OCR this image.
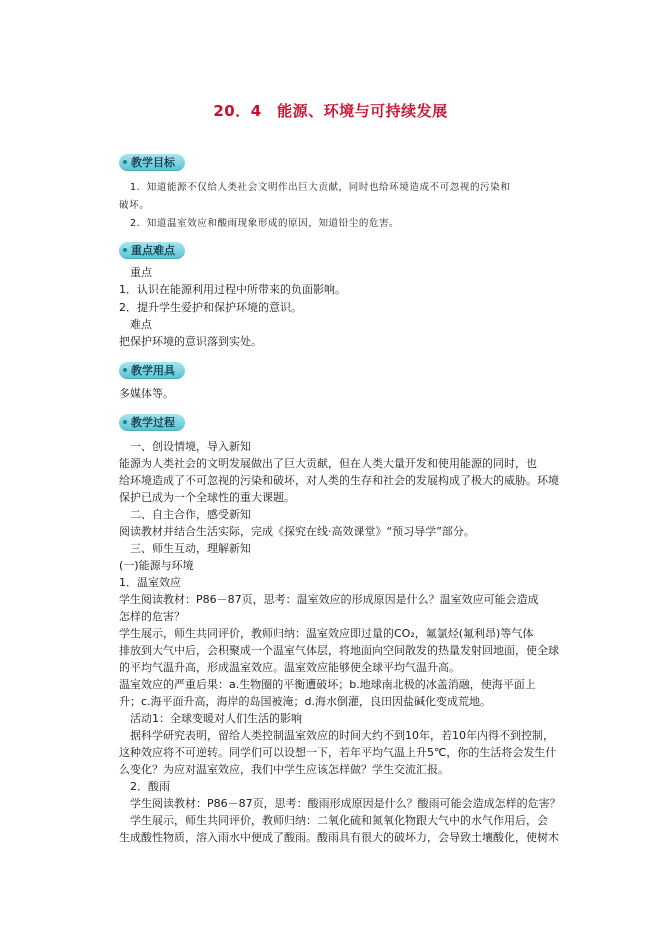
20．4　能源、环境与可持续发展
教学目标
1．知道能源不仅给人类社会文明作出巨大贡献，同时也给环境造成不可忽视的污染和
破坏。
2．知道温室效应和酸雨现象形成的原因，知道铅尘的危害。
重点难点
重点
1．认识在能源利用过程中所带来的负面影响。
2．提升学生爱护和保护环境的意识。
难点
把保护环境的意识落到实处。
教学用具
多媒体等。
教学过程
一、创设情境，导入新知
能源为人类社会的文明发展做出了巨大贡献，但在人类大量开发和使用能源的同时，也
给环境造成了不可忽视的污染和破坏，对人类的生存和社会的发展构成了极大的威胁。环境
保护已成为一个全球性的重大课题。
二、自主合作，感受新知
阅读教材并结合生活实际，完成《探究在线·高效课堂》“预习导学”部分。
三、师生互动，理解新知
(一)能源与环境
1．温室效应
学生阅读教材：P86－87页，思考：温室效应的形成原因是什么？温室效应可能会造成
怎样的危害？
学生展示，师生共同评价，教师归纳：温室效应即过量的CO₂，氟氯烃(氟利昂)等气体
排放到大气中后，会积聚成一个温室气体层，将地面向空间散发的热量发射回地面，使全球
的平均气温升高，形成温室效应。温室效应能够使全球平均气温升高。
温室效应的严重后果：a.生物圈的平衡遭破坏；b.地球南北极的冰盖消融，使海平面上
升；c.海平面升高，海岸的岛国被淹；d.海水倒灌，良田因盐碱化变成荒地。
活动1：全球变暖对人们生活的影响
据科学研究表明，留给人类控制温室效应的时间大约不到10年，若10年内得不到控制，
这种效应将不可逆转。同学们可以设想一下，若年平均气温上升5℃，你的生活将会发生什
么变化？为应对温室效应，我们中学生应该怎样做？学生交流汇报。
2．酸雨
学生阅读教材：P86－87页，思考：酸雨形成原因是什么？酸雨可能会造成怎样的危害？
学生展示，师生共同评价，教师归纳：二氧化硫和氮氧化物跟大气中的水气作用后，会
生成酸性物质，溶入雨水中便成了酸雨。酸雨具有很大的破坏力，会导致土壤酸化，使树木
